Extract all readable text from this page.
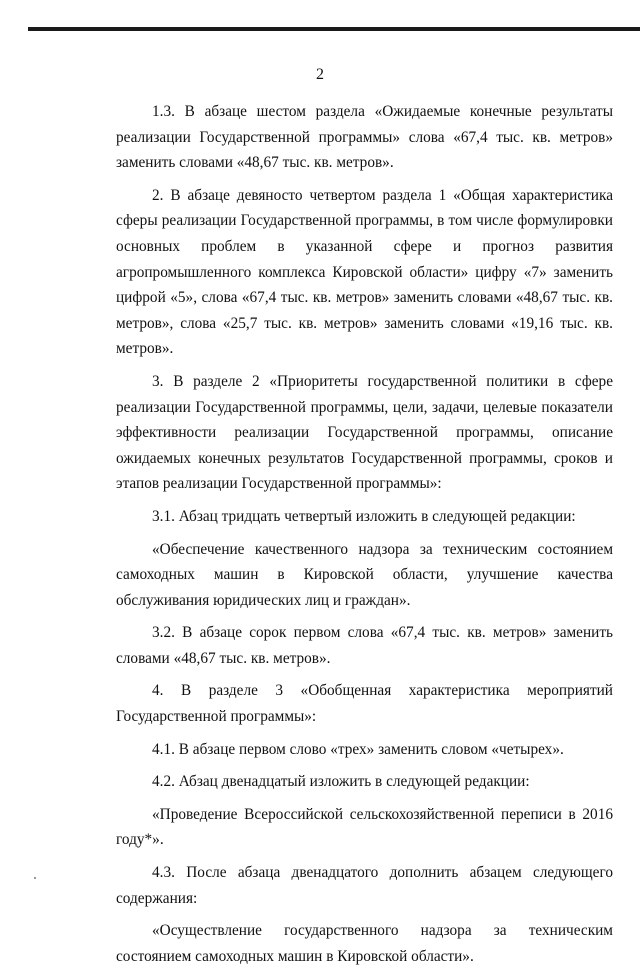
2

1.3. В абзаце шестом раздела «Ожидаемые конечные результаты реализации Государственной программы» слова «67,4 тыс. кв. метров» заменить словами «48,67 тыс. кв. метров».

2. В абзаце девяносто четвертом раздела 1 «Общая характеристика сферы реализации Государственной программы, в том числе формулировки основных проблем в указанной сфере и прогноз развития агропромышленного комплекса Кировской области» цифру «7» заменить цифрой «5», слова «67,4 тыс. кв. метров» заменить словами «48,67 тыс. кв. метров», слова «25,7 тыс. кв. метров» заменить словами «19,16 тыс. кв. метров».

3. В разделе 2 «Приоритеты государственной политики в сфере реализации Государственной программы, цели, задачи, целевые показатели эффективности реализации Государственной программы, описание ожидаемых конечных результатов Государственной программы, сроков и этапов реализации Государственной программы»:

3.1. Абзац тридцать четвертый изложить в следующей редакции:

«Обеспечение качественного надзора за техническим состоянием самоходных машин в Кировской области, улучшение качества обслуживания юридических лиц и граждан».

3.2. В абзаце сорок первом слова «67,4 тыс. кв. метров» заменить словами «48,67 тыс. кв. метров».

4. В разделе 3 «Обобщенная характеристика мероприятий Государственной программы»:

4.1. В абзаце первом слово «трех» заменить словом «четырех».

4.2. Абзац двенадцатый изложить в следующей редакции:

«Проведение Всероссийской сельскохозяйственной переписи в 2016 году*».

4.3. После абзаца двенадцатого дополнить абзацем следующего содержания:

«Осуществление государственного надзора за техническим состоянием самоходных машин в Кировской области».
